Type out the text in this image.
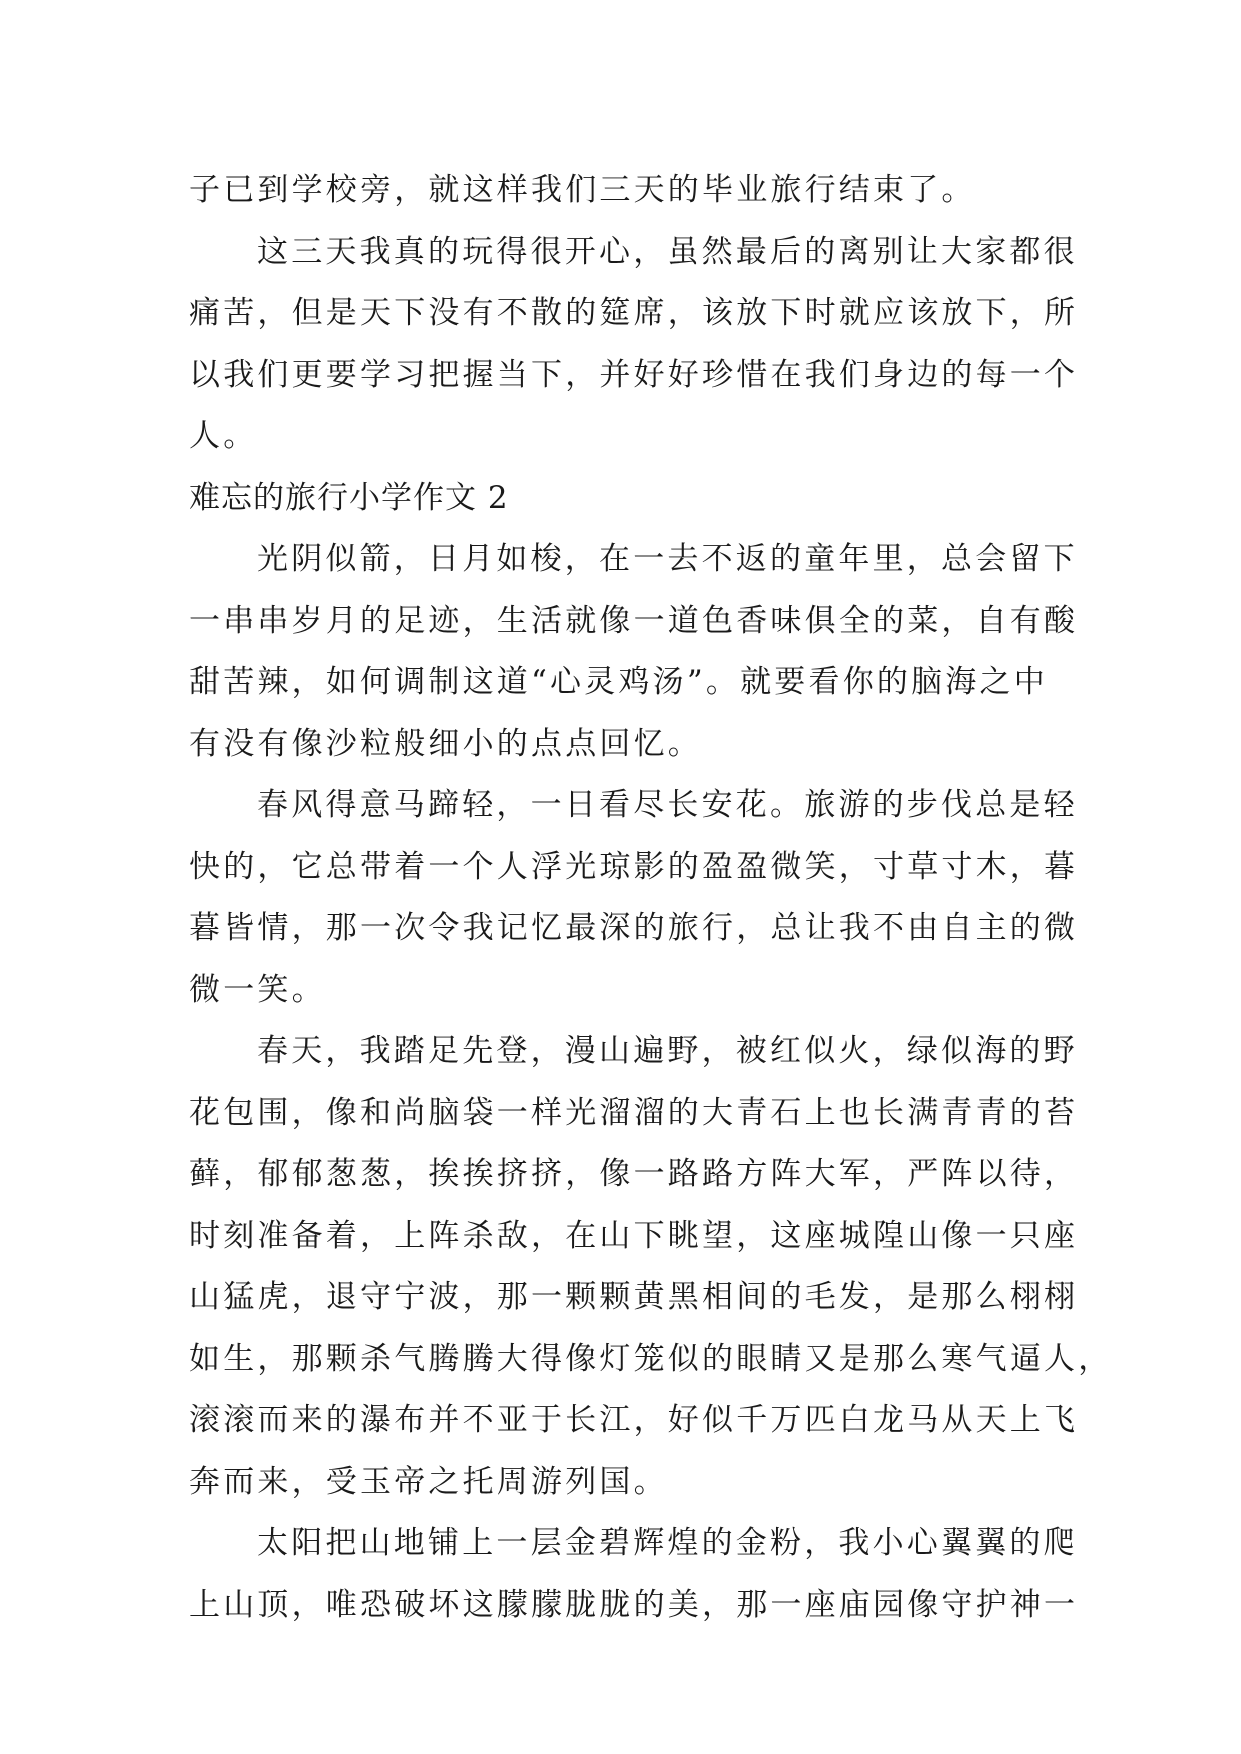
子已到学校旁，就这样我们三天的毕业旅行结束了。
这三天我真的玩得很开心，虽然最后的离别让大家都很
痛苦，但是天下没有不散的筵席，该放下时就应该放下，所
以我们更要学习把握当下，并好好珍惜在我们身边的每一个
人。
难忘的旅行小学作文 2
光阴似箭，日月如梭，在一去不返的童年里，总会留下
一串串岁月的足迹，生活就像一道色香味俱全的菜，自有酸
甜苦辣，如何调制这道“心灵鸡汤”。就要看你的脑海之中
有没有像沙粒般细小的点点回忆。
春风得意马蹄轻，一日看尽长安花。旅游的步伐总是轻
快的，它总带着一个人浮光琼影的盈盈微笑，寸草寸木，暮
暮皆情，那一次令我记忆最深的旅行，总让我不由自主的微
微一笑。
春天，我踏足先登，漫山遍野，被红似火，绿似海的野
花包围，像和尚脑袋一样光溜溜的大青石上也长满青青的苔
藓，郁郁葱葱，挨挨挤挤，像一路路方阵大军，严阵以待，
时刻准备着，上阵杀敌，在山下眺望，这座城隍山像一只座
山猛虎，退守宁波，那一颗颗黄黑相间的毛发，是那么栩栩
如生，那颗杀气腾腾大得像灯笼似的眼睛又是那么寒气逼人，
滚滚而来的瀑布并不亚于长江，好似千万匹白龙马从天上飞
奔而来，受玉帝之托周游列国。
太阳把山地铺上一层金碧辉煌的金粉，我小心翼翼的爬
上山顶，唯恐破坏这朦朦胧胧的美，那一座庙园像守护神一
